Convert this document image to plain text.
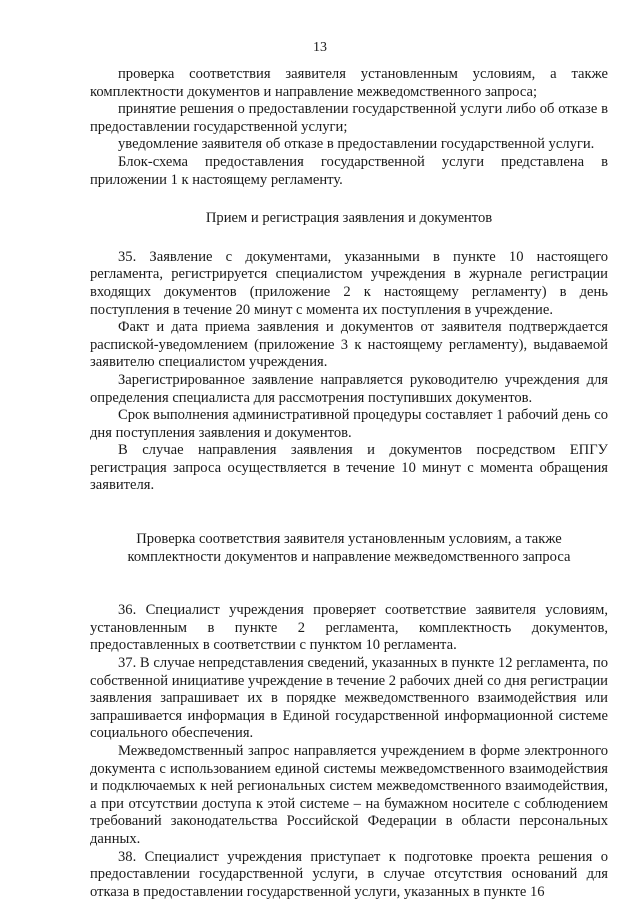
13

проверка соответствия заявителя установленным условиям, а также комплектности документов и направление межведомственного запроса;

принятие решения о предоставлении государственной услуги либо об отказе в предоставлении государственной услуги;

уведомление заявителя об отказе в предоставлении государственной услуги.

Блок-схема предоставления государственной услуги представлена в приложении 1 к настоящему регламенту.

Прием и регистрация заявления и документов

35. Заявление с документами, указанными в пункте 10 настоящего регламента, регистрируется специалистом учреждения в журнале регистрации входящих документов (приложение 2 к настоящему регламенту) в день поступления в течение 20 минут с момента их поступления в учреждение.

Факт и дата приема заявления и документов от заявителя подтверждается распиской-уведомлением (приложение 3 к настоящему регламенту), выдаваемой заявителю специалистом учреждения.

Зарегистрированное заявление направляется руководителю учреждения для определения специалиста для рассмотрения поступивших документов.

Срок выполнения административной процедуры составляет 1 рабочий день со дня поступления заявления и документов.

В случае направления заявления и документов посредством ЕПГУ регистрация запроса осуществляется в течение 10 минут с момента обращения заявителя.

Проверка соответствия заявителя установленным условиям, а также
комплектности документов и направление межведомственного запроса

36. Специалист учреждения проверяет соответствие заявителя условиям, установленным в пункте 2 регламента, комплектность документов, предоставленных в соответствии с пунктом 10 регламента.

37. В случае непредставления сведений, указанных в пункте 12 регламента, по собственной инициативе учреждение в течение 2 рабочих дней со дня регистрации заявления запрашивает их в порядке межведомственного взаимодействия или запрашивается информация в Единой государственной информационной системе социального обеспечения.

Межведомственный запрос направляется учреждением в форме электронного документа с использованием единой системы межведомственного взаимодействия и подключаемых к ней региональных систем межведомственного взаимодействия, а при отсутствии доступа к этой системе – на бумажном носителе с соблюдением требований законодательства Российской Федерации в области персональных данных.

38. Специалист учреждения приступает к подготовке проекта решения о предоставлении государственной услуги, в случае отсутствия оснований для отказа в предоставлении государственной услуги, указанных в пункте 16
